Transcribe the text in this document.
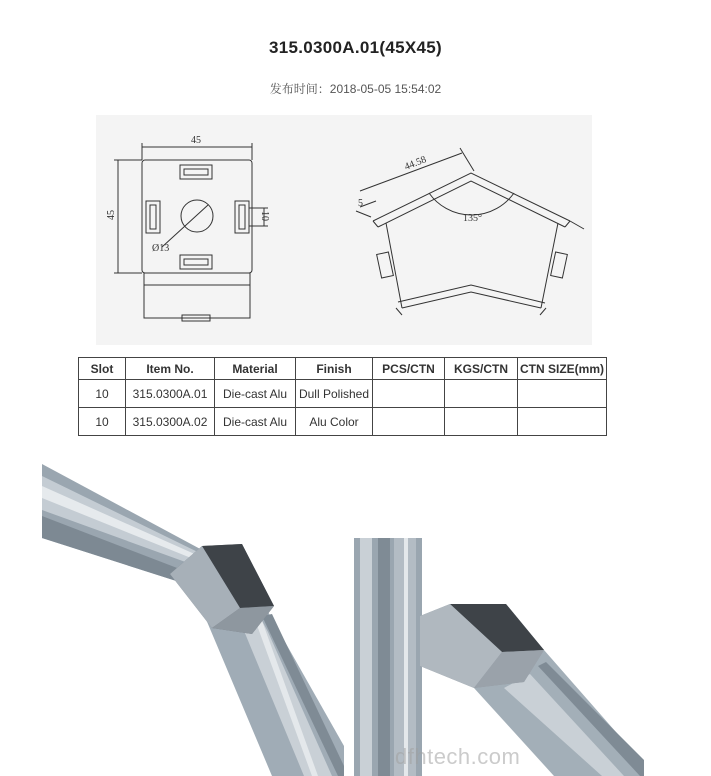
315.0300A.01(45X45)
发布时间：2018-05-05 15:54:02
45
45	10
Ø13
44.58
5
135°
Slot	Item No.	Material	Finish	PCS/CTN	KGS/CTN	CTN SIZE(mm)
10	315.0300A.01	Die-cast Alu	Dull Polished			
10	315.0300A.02	Die-cast Alu	Alu Color			
dfhtech.com
